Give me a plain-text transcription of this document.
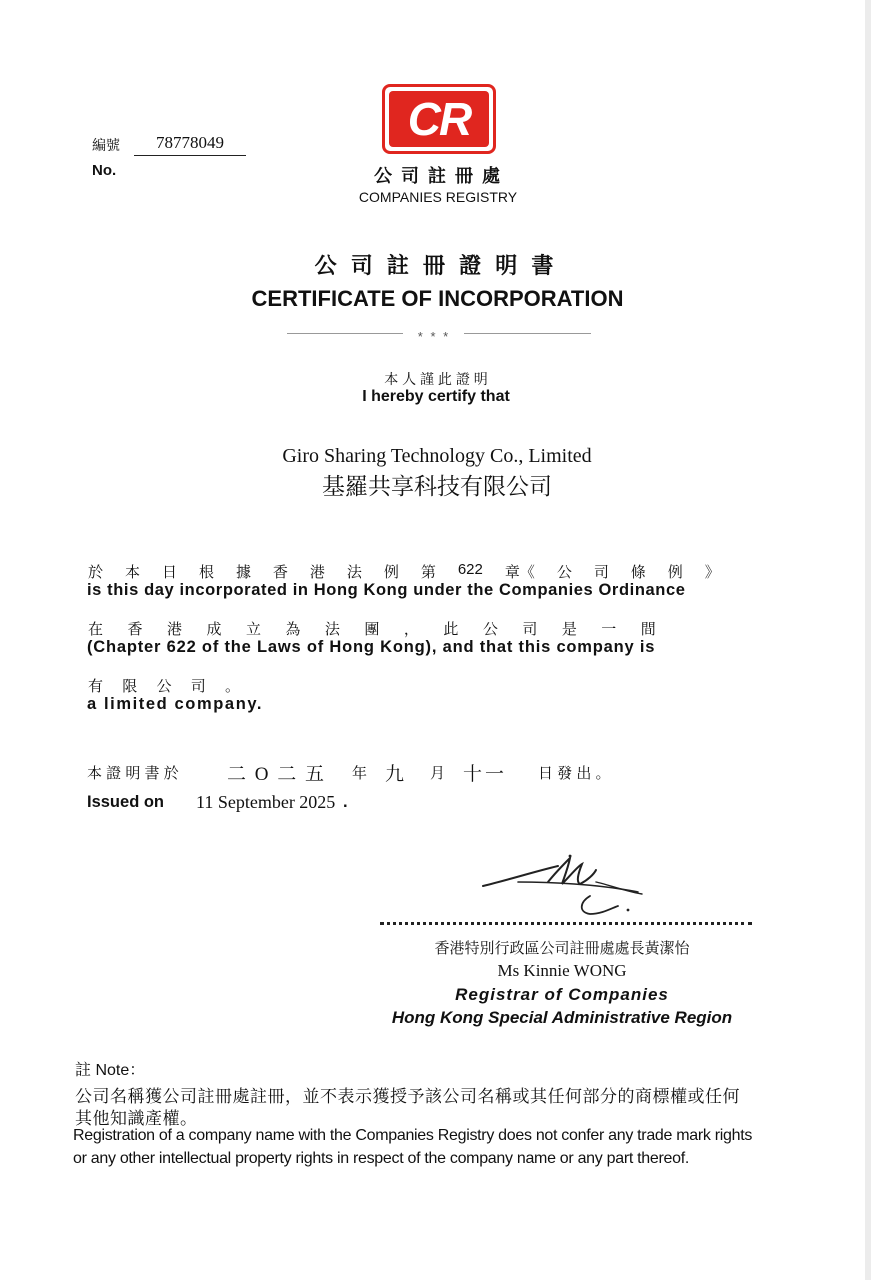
編號	78778049
No.
CR
公 司 註 冊 處
COMPANIES REGISTRY
公 司 註 冊 證 明 書
CERTIFICATE OF INCORPORATION
* * *
本 人 謹 此 證 明
I hereby certify that
Giro Sharing Technology Co., Limited
基羅共享科技有限公司
於 本 日 根 據 香 港 法 例 第 622 章《 公 司 條 例 》
is this day incorporated in Hong Kong under the Companies Ordinance
在 香 港 成 立 為 法 團 ， 此 公 司 是 一 間
(Chapter 622 of the Laws of Hong Kong), and that this company is
有 限 公 司 。
a limited company.
本 證 明 書 於	二 O 二 五 年 九 月 十一 日 發 出 。
Issued on 11 September 2025 .
香港特別行政區公司註冊處處長黃潔怡
Ms Kinnie WONG
Registrar of Companies
Hong Kong Special Administrative Region
註 Note：
公司名稱獲公司註冊處註冊，並不表示獲授予該公司名稱或其任何部分的商標權或任何
其他知識產權。
Registration of a company name with the Companies Registry does not confer any trade mark rights
or any other intellectual property rights in respect of the company name or any part thereof.
